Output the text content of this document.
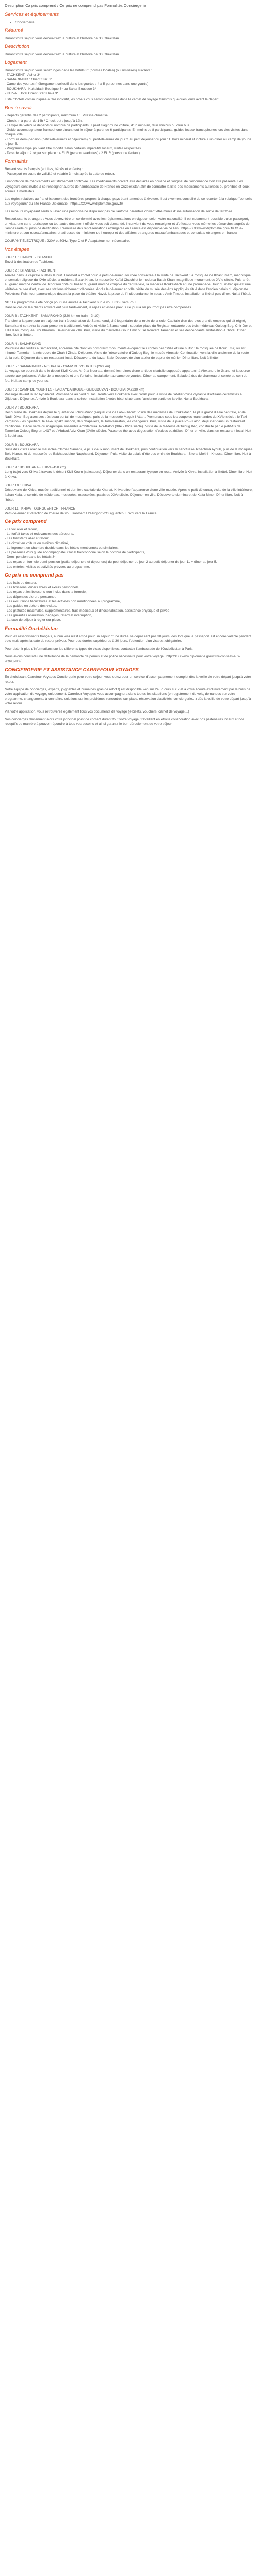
Description Ca prix comprend / Ce prix ne comprend pas Formalités Conciergerie
Services et équipements
• Conciergerie
Résumé

Durant votre séjour, vous découvrirez la culture et l'histoire de l'Ouzbékistan.

Description

Durant votre séjour, vous découvrirez la culture et l'histoire de l'Ouzbékistan.

Logement

Durant votre séjour, vous serez logés dans les hôtels 3* (normes locales) (ou similaires) suivants :

- TACHKENT : Ashor 3*

- SAMARKAND : Orient Star 3*

- Camp des yourtes (hébergement collectif dans les yourtes : 4 à 5 personnes dans une yourte)

- BOUKHARA : Kukeldash Boutique 3* ou Sahar Boutique 3*

- KHIVA : Hotel Orient Star Khiva 3*

Liste d'hôtels communiquée à titre indicatif, les hôtels vous seront confirmés dans le carnet de voyage transmis quelques jours avant le départ.

Bon à savoir

- Départs garantis dès 2 participants, maximum 16. Vitesse climatise

- Check-in à partir de 14h / Check-out : jusqu'à 12h.

- Le type de véhicule dépend du nombre de participants. Il peut s'agir d'une voiture, d'un minivan, d'un minibus ou d'un bus.

- Guide accompagnateur francophone durant tout le séjour à partir de 6 participants. En moins de 8 participants, guides locaux francophones lors des visites dans chaque ville.

- Formule demi-pension (petits-déjeuners et déjeuners) du petit-déjeuner du jour 2 au petit déjeuner du jour 11, hors mineral et inclure + un dîner au camp de yourte le jour 5.

- Programme type pouvant être modifié selon certains impératifs locaux, visites respectées.

- Taxe de séjour à régler sur place : 4 EUR (personne/adultes) / 2 EUR (personne /enfant).

Formalités

Ressortissants français (adultes, bébés et enfants) :

- Passeport en cours de validité et valable 3 mois après la date de retour.

L'importation de médicaments est strictement contrôlée. Les médicaments doivent être déclarés en douane et l'original de l'ordonnance doit être présenté. Les voyageurs sont invités à se renseigner auprès de l'ambassade de France en Ouzbékistan afin de connaître la liste des médicaments autorisés ou prohibés et ceux soumis à modalités.

Les règles relatives au franchissement des frontières propres à chaque pays étant amenées à évoluer, il est vivement conseillé de se reporter à la rubrique "conseils aux voyageurs" du site France Diplomatie : https://XXXwww.diplomatie.gouv.fr/

Les mineurs voyageant seuls ou avec une personne ne disposant pas de l'autorité parentale doivent être munis d'une autorisation de sortie de territoire.

Ressortissants étrangers : Vous devrez être en conformité avec les réglementations en vigueur, selon votre nationalité. Il est notamment possible qu'un passeport, un visa, une carte touristique ou tout autre document officiel vous soit demandé. Il convient de vous renseigner et d'effectuer vous-même les démarches auprès de l'ambassade du pays de destination. L'annuaire des représentations étrangères en France est disponible via ce lien : https://XXXwww.diplomatie.gouv.fr/ fr/ le-ministere-et-son-reseau/annuaires-et-adresses-du-ministere-de-l-europe-et-des-affaires-etrangeres-maeae/ambassades-et-consulats-etrangers-en-france/

COURANT ÉLECTRIQUE : 220V et 50Hz. Type C et F. Adaptateur non nécessaire.

Vos étapes

JOUR 1 : FRANCE - ISTANBUL

Envol à destination de Tachkent.

JOUR 2 : ISTANBUL - TACHKENT

Arrivée dans la capitale ouzbek la nuit. Transfert à l'hôtel pour le petit-déjeuner. Journée consacrée à la visite de Tachkent : la mosquée de Khast Imam, magnifique ensemble religieux du XVIe siècle, la médersa Barak Khan, le mausolée Kaffal Chachi et le medersa Barak Khan, magnifique monument du XVIe siècle. Puis arrêt au grand marché central de Tchorsou doté du bazar du grand marché coupole du centre-ville, la medersa Koukeldach et une promenade. Tour du métro qui est une véritable œuvre d'art, avec ses stations richement décorées. Après le déjeuner en ville, visite du musée des Arts Appliqués situé dans l'ancien palais du diplomate Polovtsev. Puis, tour panoramique devant la place du théâtre Navoï, la place de l'Indépendance, le square Amir Timour. Installation à l'hôtel puis dîner. Nuit à l'hôtel.

NB : Le programme a été conçu pour une arrivée à Tachkent sur le vol TK368 vers 7h55.

Dans le cas où les clients arriveraient plus tardivement, le repas et visites prévus ce jour-là ne pourront pas être compensés.

JOUR 3 : TACHKENT - SAMARKAND (320 km en train - 2h10)

Transfert à la gare pour un trajet en train à destination de Samarkand, cité légendaire de la route de la soie. Capitale d'un des plus grands empires qui ait régné, Samarkand se ravira la beau personne traditionnel. Arrivée et visite à Samarkand : superbe place du Registan entourée des trois médersas Ouloug Beg, Chir Dor et Tillia Kari, mosquée Bibi Khanum. Déjeuner en ville. Puis, visite du mausolée Gour Emir où se trouvent Tamerlan et ses descendants. Installation à l'hôtel. Dîner libre. Nuit à l'hôtel.

JOUR 4 : SAMARKAND

Poursuite des visites à Samarkand, ancienne cité dont les nombreux monuments évoquent les contes des "Mille et une nuits" : la mosquée de Kour Emir, où est inhumé Tamerlan, la nécropole de Chah-i-Zinda. Déjeuner. Visite de l'observatoire d'Ouloug Beg, le musée Afrosiab. Continuation vers la ville ancienne de la route de la soie. Déjeuner dans un restaurant local. Découverte du bazar Siab. Découverte d'un atelier de papier de mûrier. Dîner libre. Nuit à l'hôtel.

JOUR 5 : SAMARKAND - NOURATA - CAMP DE YOURTES (260 km)

Le voyage se poursuit dans le désert Kizil Koum. Arrêt à Nourata, dominé les ruines d'une antique citadelle supposée appartenir à Alexandre le Grand, et la source sacrée aux poissons. Visite de la mosquée et une fontaine. Installation au camp de yourtes. Dîner au campement. Balade à dos de chameau et soirée au coin du feu. Nuit au camp de yourtes.

JOUR 6 : CAMP DE YOURTES - LAC AYDARKOUL - GUIDJDUVAN - BOUKHARA (230 km)

Passage devant le lac Aydarkoul. Promenade au bord du lac. Route vers Boukhara avec l'arrêt pour la visite de l'atelier d'une dynastie d'artisans céramistes à Gijduvan. Déjeuner. Arrivée à Boukhara dans la soirée. Installation à votre hôtel situé dans l'ancienne partie de la ville. Nuit à Boukhara.

JOUR 7 : BOUKHARA

Découverte de Boukhara depuis le quartier de Tchor-Minor (auquel cité de Lab-i-Haouz. Visite des médersas de Koukeldach, le plus grand d'Asie centrale, et de Nadir Divan Beg avec ses très beau portail de mosaïques, puis de la mosquée Magok-i Attari. Promenade sous les coupoles marchandes du XVIe siècle : le Taki-Zargaron - les bijoutiers, le Taki-Tilpakfurushon, des chapeliers, le Tolsi-sarrafon, les changeurs. Puis, visite de la place Po-i-Kalon, déjeuner dans un restaurant traditionnel. Découverte du magnifique ensemble architectural Poi-Kalon (XIIe - XVIe siècle). Visite de la Médersa d'Ouloug Beg, construite par le petit-fils de Tamerlan Ouloug Beg en 1417 et d'Abdoul Aziz Khan (XVIIe siècle). Pause du thé avec dégustation d'épices ouzbèkes. Dîner en ville, dans un restaurant local. Nuit à Boukhara.

JOUR 8 : BOUKHARA

Suite des visites avec le mausolée d'Ismail Samani, le plus vieux monument de Boukhara, puis continuation vers le sanctuaire Tchachma Ayoub, puis de la mosquée Bolo Haouz, et du mausolée de Bakhaouddine Naqchband. Déjeuner. Puis, visite du palais d'été des émirs de Boukhara - Sitorai Mokhi - Khossa. Dîner libre. Nuit à Boukhara.

JOUR 9 : BOUKHARA - KHIVA (450 km)

Long trajet vers Khiva à travers le désert Kizil Koum (saksaouls). Déjeuner dans un restaurant typique en route. Arrivée à Khiva, installation à l'hôtel. Dîner libre. Nuit à Khiva.

JOUR 10 : KHIVA

Découverte de Khiva, musée traditionnel et dernière capitale du Khanat. Khiva offre l'apparence d'une ville-musée. Après le petit-déjeuner, visite de la ville intérieure, Itchan Kala, ensemble de médersas, mosquées, mausolées, palais du XIVe siècle. Déjeuner en ville. Découverte du minaret de Kalta Minor. Dîner libre. Nuit à l'hôtel.

JOUR 11 : KHIVA - OURGUENTCH - FRANCE

Petit-déjeuner et direction de l'heure de vol. Transfert à l'aéroport d'Ourguentch. Envol vers la France.

Ce prix comprend

- Le vol aller et retour,

- Le forfait taxes et redevances des aéroports,

- Les transferts aller et retour,

- Le circuit en voiture ou minibus climatisé,

- Le logement en chambre double dans les hôtels mentionnés ou similaires,

- La présence d'un guide accompagnateur local francophone selon le nombre de participants,

- Demi-pension dans les hôtels 3* ,

- Les repas en formule demi-pension (petits-déjeuners et déjeuners) du petit-déjeuner du jour 2 au petit-déjeuner du jour 11 + dîner au jour 5,

- Les entrées, visites et activités prévues au programme.

Ce prix ne comprend pas

- Les frais de dossier,

- Les boissons, dîners libres et extras personnels,

- Les repas et les boissons non inclus dans la formule,

- Les dépenses d'ordre personnel,

- Les excursions facultatives et les activités non mentionnées au programme,

- Les guides en dehors des visites,

- Les gratuités maximales, supplémentaires, frais médicaux et d'hospitalisation, assistance physique et privée,

- Les garanties annulation, bagages, retard et interruption,

- La taxe de séjour à régler sur place.

Formalité Ouzbékistan

Pour les ressortissants français, aucun visa n'est exigé pour un séjour d'une durée ne dépassant pas 30 jours, dès lors que le passeport est encore valable pendant trois mois après la date de retour prévue. Pour des durées supérieures à 30 jours, l'obtention d'un visa est obligatoire.

Pour obtenir plus d'informations sur les différents types de visas disponibles, contactez l'ambassade de l'Ouzbékistan à Paris.

Nous avons constaté une défaillance de la demande de permis et de police nécessaire pour votre voyage : http://XXXwww.diplomatie.gouv.fr/fr/conseils-aux-voyageurs/

CONCIERGERIE ET ASSISTANCE CARREFOUR VOYAGES

En choisissant Carrefour Voyages Conciergerie pour votre séjour, vous optez pour un service d'accompagnement complet dès la veille de votre départ jusqu'à votre retour.

Notre équipe de concierges, experts, joignables et humaines (pas de robot !) est disponible 24h sur 24, 7 jours sur 7 et à votre écoute exclusivement par le biais de votre application de voyage, uniquement. Carrefour Voyages vous accompagnera dans toutes les situations (enregistrement de vols, demandes sur votre programme, changements à connaître, solutions sur les problèmes rencontrés sur place, réservation d'activités, conciergerie…) dès la veille de votre départ jusqu'à votre retour.

Via votre application, vous retrouverez également tous vos documents de voyage (e-billets, vouchers, carnet de voyage…)

Nos concierges deviennent alors votre principal point de contact durant tout votre voyage, travaillant en étroite collaboration avec nos partenaires locaux et nos réceptifs de manière à pouvoir répondre à tous vos besoins et ainsi garantir le bon déroulement de votre séjour.
